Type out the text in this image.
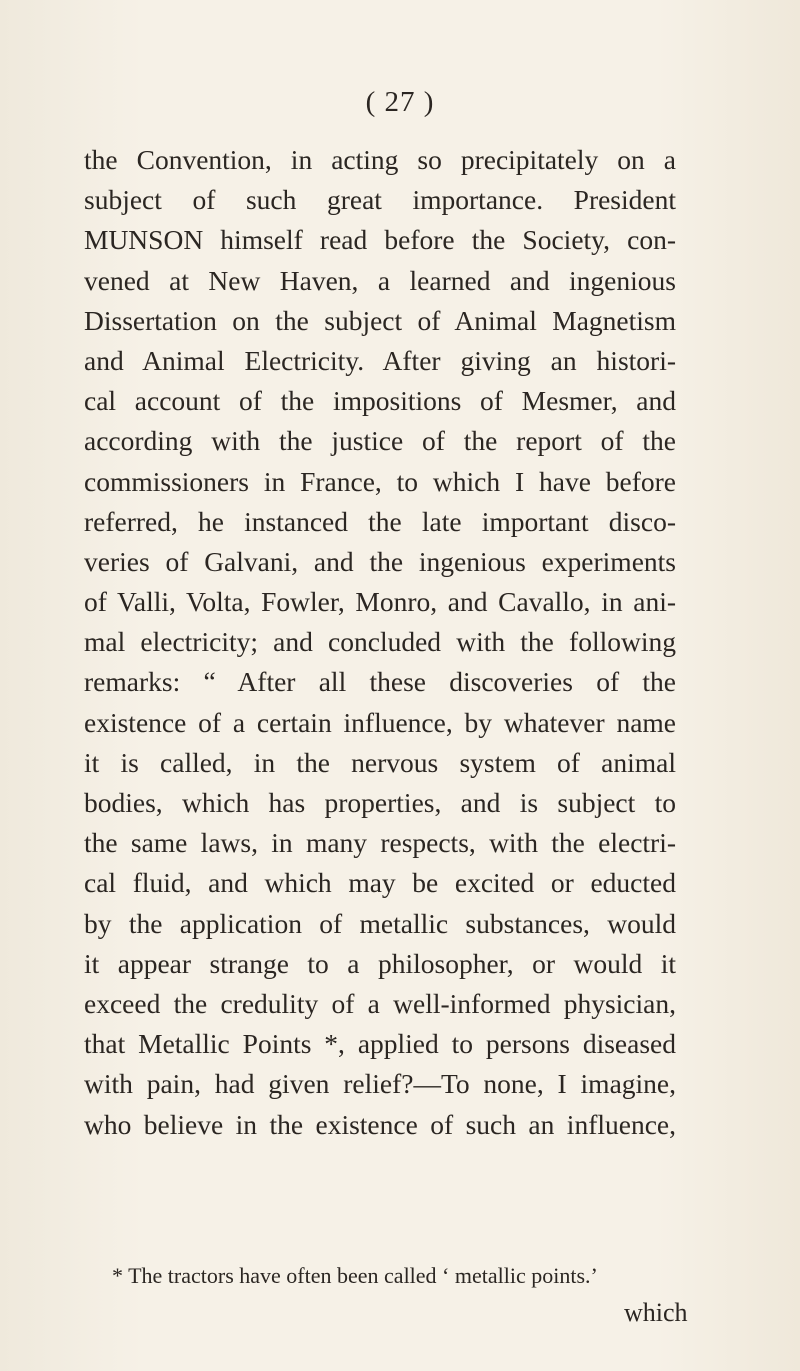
( 27 )
the Convention, in acting so precipitately on a
subject of such great importance. President
MUNSON himself read before the Society, con-
vened at New Haven, a learned and ingenious
Dissertation on the subject of Animal Magnetism
and Animal Electricity. After giving an histori-
cal account of the impositions of Mesmer, and
according with the justice of the report of the
commissioners in France, to which I have before
referred, he instanced the late important disco-
veries of Galvani, and the ingenious experiments
of Valli, Volta, Fowler, Monro, and Cavallo, in ani-
mal electricity; and concluded with the following
remarks: “ After all these discoveries of the
existence of a certain influence, by whatever name
it is called, in the nervous system of animal
bodies, which has properties, and is subject to
the same laws, in many respects, with the electri-
cal fluid, and which may be excited or educted
by the application of metallic substances, would
it appear strange to a philosopher, or would it
exceed the credulity of a well-informed physician,
that Metallic Points *, applied to persons diseased
with pain, had given relief?—To none, I imagine,
who believe in the existence of such an influence,
* The tractors have often been called ‘ metallic points.’
which
